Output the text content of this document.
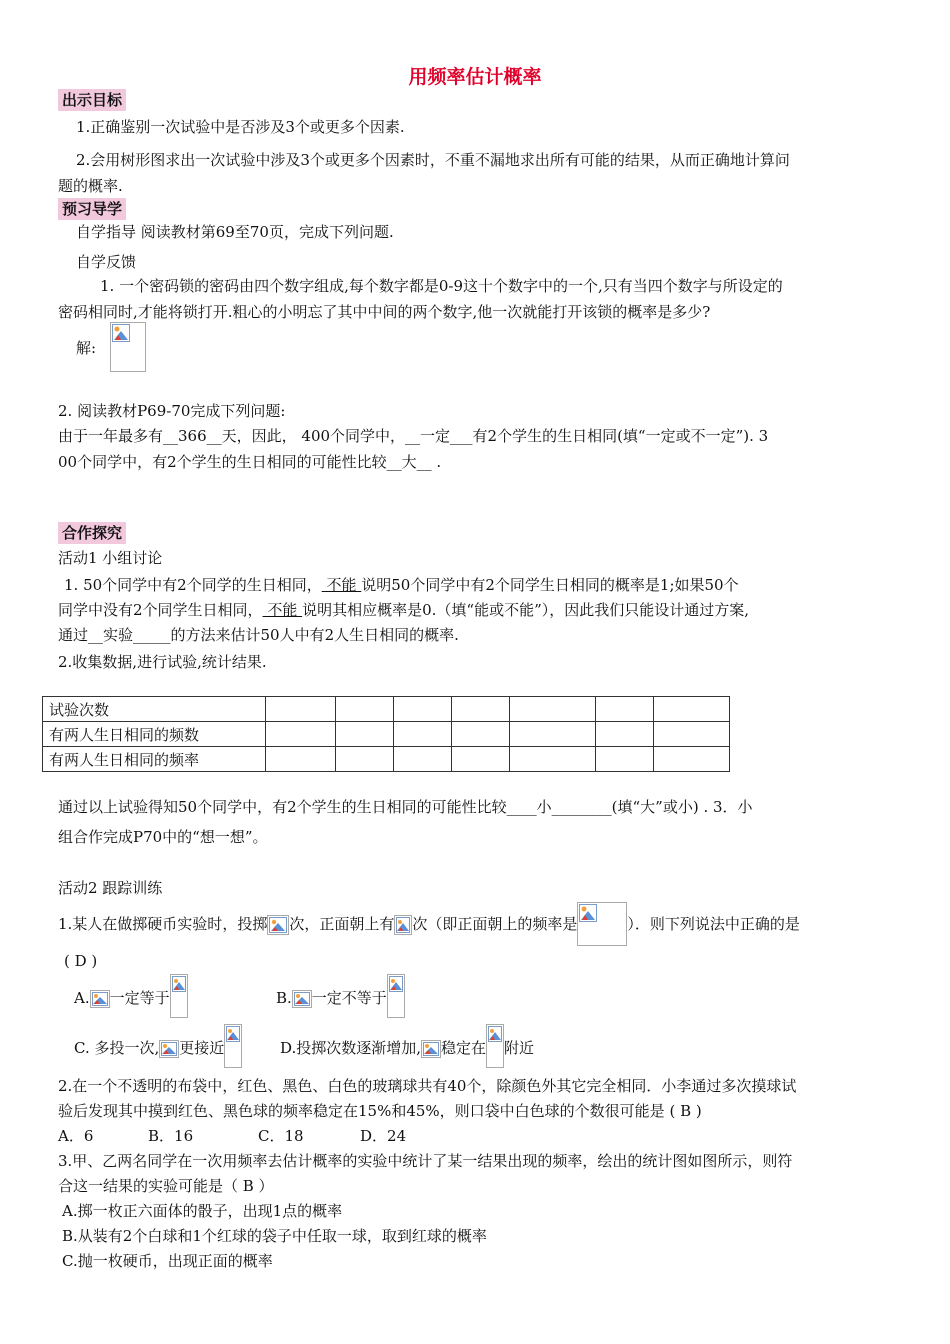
用频率估计概率
出示目标
1.正确鉴别一次试验中是否涉及3个或更多个因素.
2.会用树形图求出一次试验中涉及3个或更多个因素时，不重不漏地求出所有可能的结果，从而正确地计算问
题的概率.
预习导学
自学指导 阅读教材第69至70页，完成下列问题.
自学反馈
1. 一个密码锁的密码由四个数字组成,每个数字都是0-9这十个数字中的一个,只有当四个数字与所设定的
密码相同时,才能将锁打开.粗心的小明忘了其中中间的两个数字,他一次就能打开该锁的概率是多少?
解:
2. 阅读教材P69-70完成下列问题:
由于一年最多有__366__天，因此， 400个同学中，__一定___有2个学生的生日相同(填“一定或不一定”). 3
00个同学中，有2个学生的生日相同的可能性比较__大__ .
合作探究
活动1 小组讨论
1. 50个同学中有2个同学的生日相同， 不能 说明50个同学中有2个同学生日相同的概率是1;如果50个
同学中没有2个同学生日相同， 不能 说明其相应概率是0.（填“能或不能”），因此我们只能设计通过方案,
通过__实验_____的方法来估计50人中有2人生日相同的概率.
2.收集数据,进行试验,统计结果.
试验次数							
有两人生日相同的频数							
有两人生日相同的频率							
通过以上试验得知50个同学中，有2个学生的生日相同的可能性比较____小________(填“大”或小) . 3．小
组合作完成P70中的“想一想”。
活动2 跟踪训练
1.某人在做掷硬币实验时，投掷 次，正面朝上有 次（即正面朝上的频率是	）．则下列说法中正确的是
( D )
A. 一定等于	B. 一定不等于
C. 多投一次, 更接近	D.投掷次数逐渐增加, 稳定在 附近
2.在一个不透明的布袋中，红色、黑色、白色的玻璃球共有40个，除颜色外其它完全相同．小李通过多次摸球试
验后发现其中摸到红色、黑色球的频率稳定在15%和45%，则口袋中白色球的个数很可能是 ( B )
A．6	B．16	C．18	D．24
3.甲、乙两名同学在一次用频率去估计概率的实验中统计了某一结果出现的频率，绘出的统计图如图所示，则符
合这一结果的实验可能是（ B ）
A.掷一枚正六面体的骰子，出现1点的概率
B.从装有2个白球和1个红球的袋子中任取一球，取到红球的概率
C.抛一枚硬币，出现正面的概率
